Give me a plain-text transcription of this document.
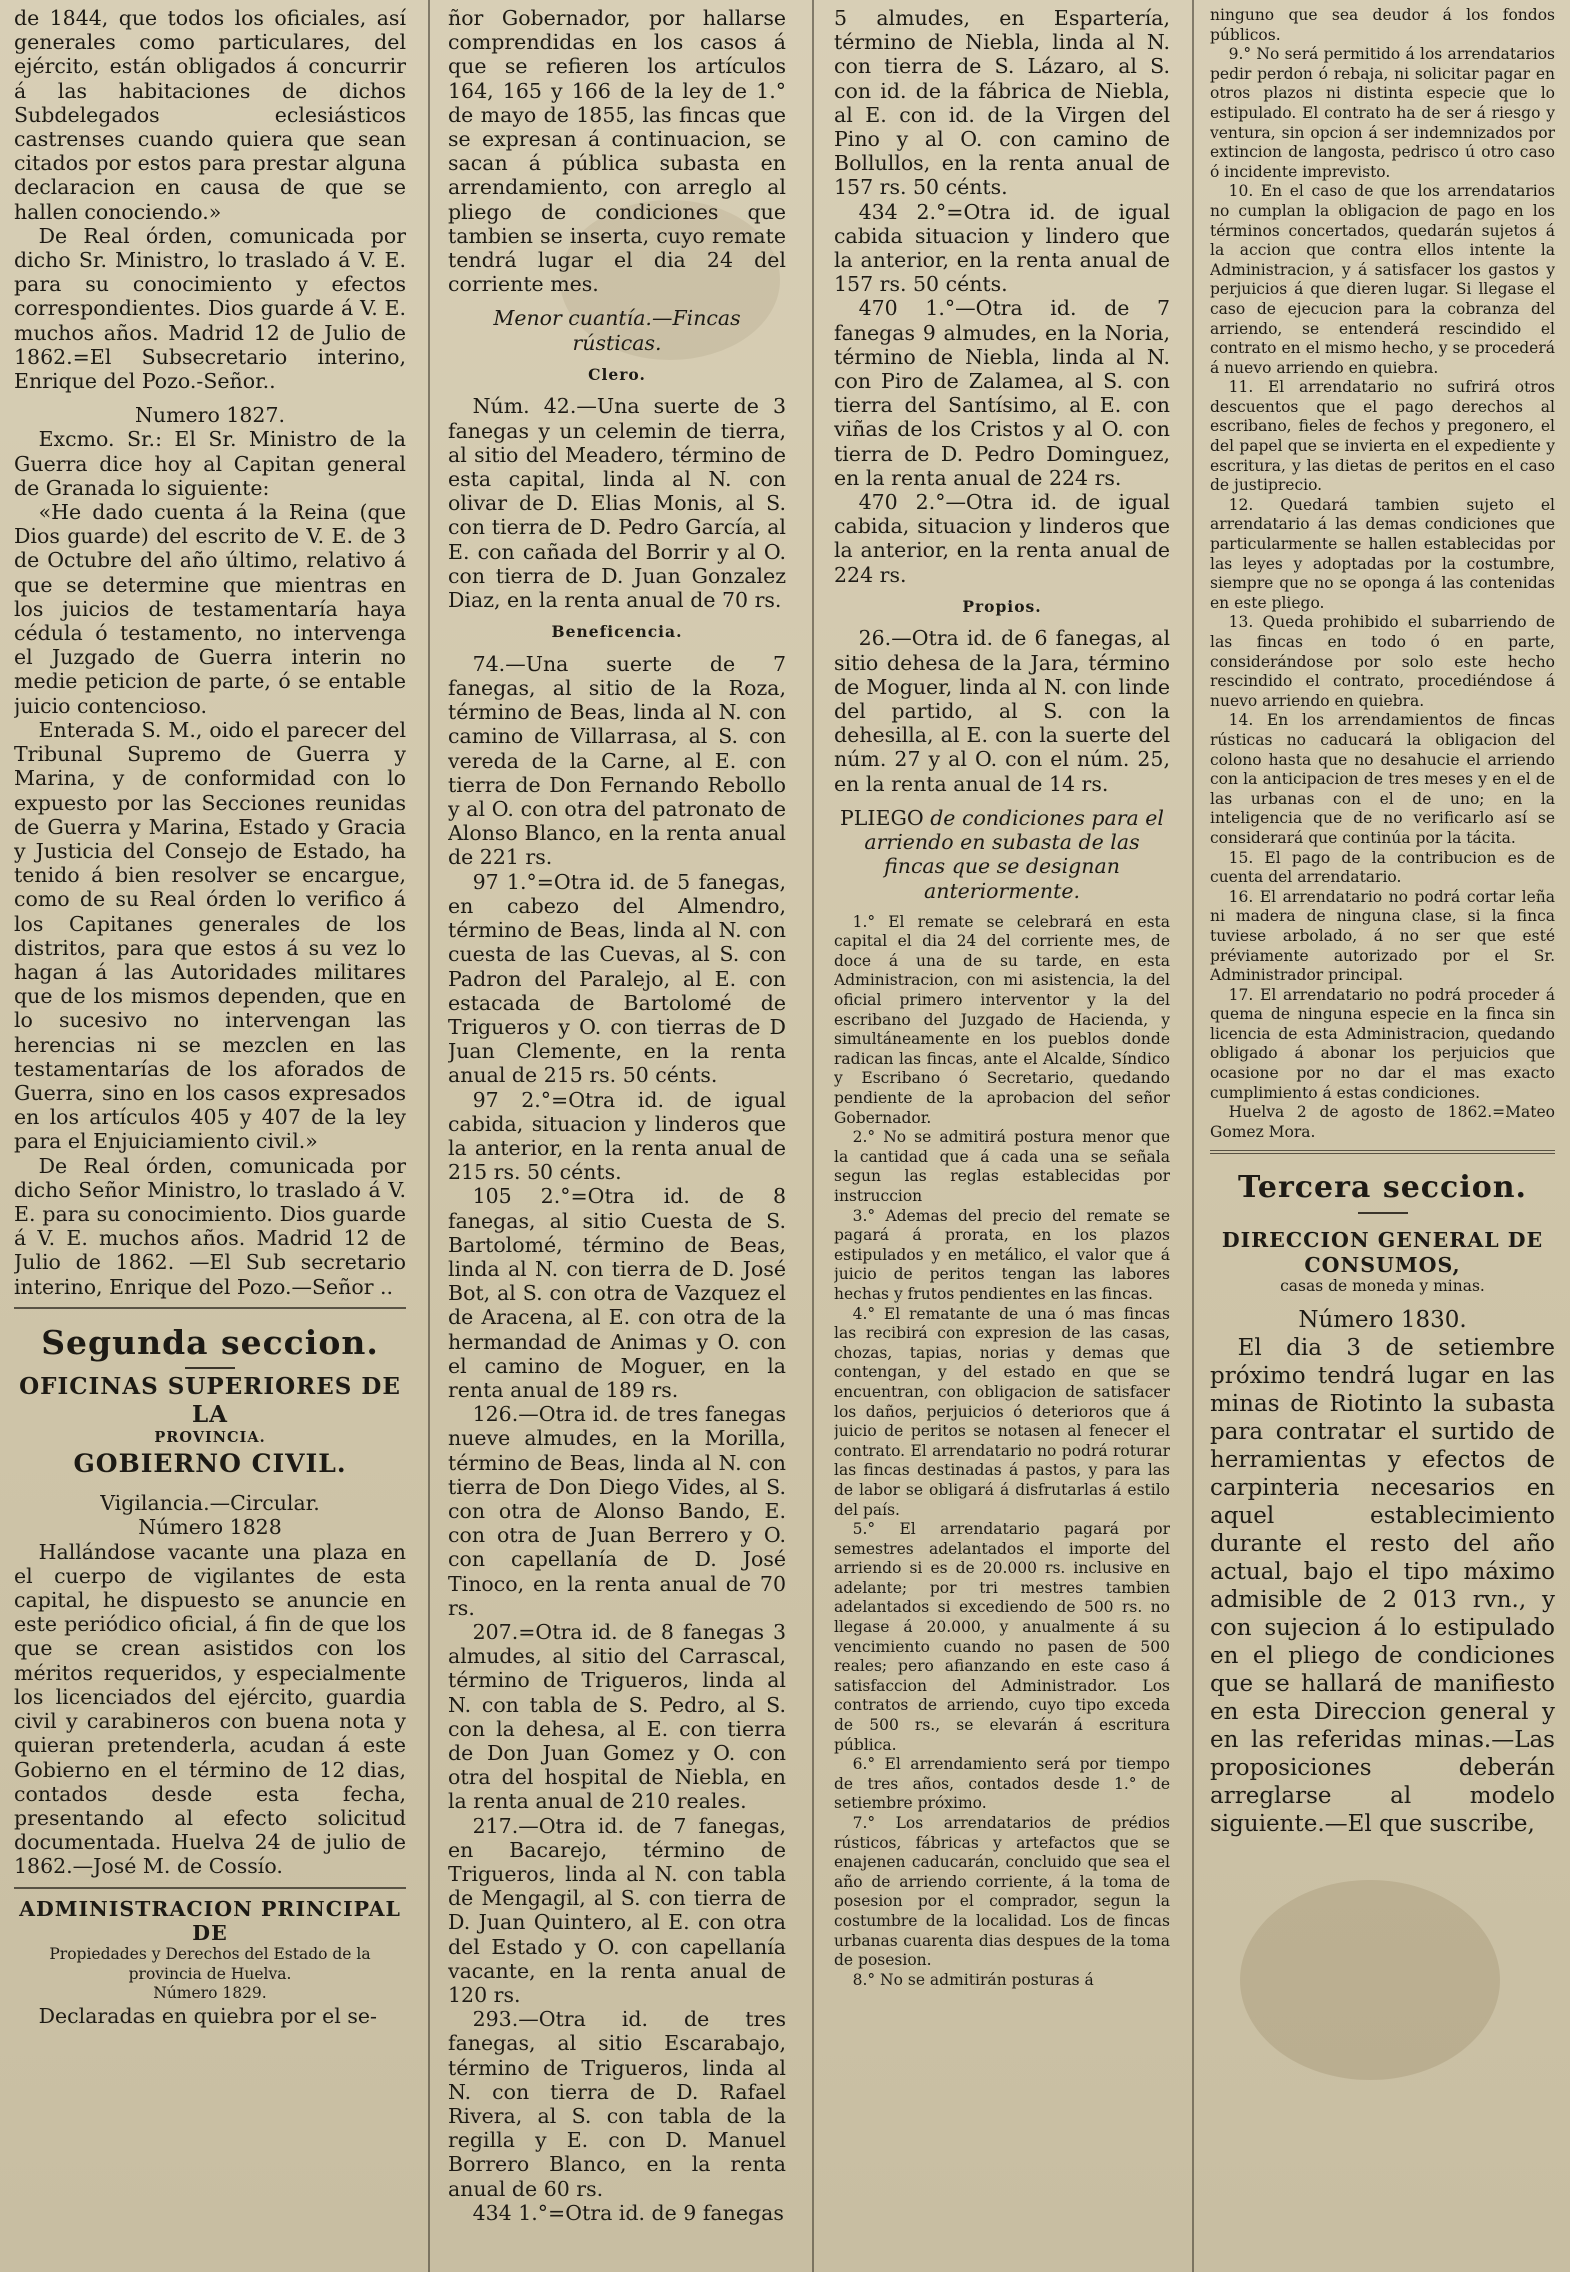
de 1844, que todos los oficiales, así generales como particulares, del ejército, están obligados á concurrir á las habitaciones de dichos Subdelegados eclesiásticos castrenses cuando quiera que sean citados por estos para prestar alguna declaracion en causa de que se hallen conociendo.»

De Real órden, comunicada por dicho Sr. Ministro, lo traslado á V. E. para su conocimiento y efectos correspondientes. Dios guarde á V. E. muchos años. Madrid 12 de Julio de 1862.=El Subsecretario interino, Enrique del Pozo.-Señor..

Numero 1827.

Excmo. Sr.: El Sr. Ministro de la Guerra dice hoy al Capitan general de Granada lo siguiente:

«He dado cuenta á la Reina (que Dios guarde) del escrito de V. E. de 3 de Octubre del año último, relativo á que se determine que mientras en los juicios de testamentaría haya cédula ó testamento, no intervenga el Juzgado de Guerra interin no medie peticion de parte, ó se entable juicio contencioso.

Enterada S. M., oido el parecer del Tribunal Supremo de Guerra y Marina, y de conformidad con lo expuesto por las Secciones reunidas de Guerra y Marina, Estado y Gracia y Justicia del Consejo de Estado, ha tenido á bien resolver se encargue, como de su Real órden lo verifico á los Capitanes generales de los distritos, para que estos á su vez lo hagan á las Autoridades militares que de los mismos dependen, que en lo sucesivo no intervengan las herencias ni se mezclen en las testamentarías de los aforados de Guerra, sino en los casos expresados en los artículos 405 y 407 de la ley para el Enjuiciamiento civil.»

De Real órden, comunicada por dicho Señor Ministro, lo traslado á V. E. para su conocimiento. Dios guarde á V. E. muchos años. Madrid 12 de Julio de 1862. —El Sub secretario interino, Enrique del Pozo.—Señor ..

Segunda seccion.

OFICINAS SUPERIORES DE LA

PROVINCIA.

GOBIERNO CIVIL.

Vigilancia.—Circular.

Número 1828

Hallándose vacante una plaza en el cuerpo de vigilantes de esta capital, he dispuesto se anuncie en este periódico oficial, á fin de que los que se crean asistidos con los méritos requeridos, y especialmente los licenciados del ejército, guardia civil y carabineros con buena nota y quieran pretenderla, acudan á este Gobierno en el término de 12 dias, contados desde esta fecha, presentando al efecto solicitud documentada. Huelva 24 de julio de 1862.—José M. de Cossío.

ADMINISTRACION PRINCIPAL DE

Propiedades y Derechos del Estado de la provincia de Huelva.

Número 1829.

Declaradas en quiebra por el se-

ñor Gobernador, por hallarse comprendidas en los casos á que se refieren los artículos 164, 165 y 166 de la ley de 1.° de mayo de 1855, las fincas que se expresan á continuacion, se sacan á pública subasta en arrendamiento, con arreglo al pliego de condiciones que tambien se inserta, cuyo remate tendrá lugar el dia 24 del corriente mes.

Menor cuantía.—Fincas rústicas.

Clero.

Núm. 42.—Una suerte de 3 fanegas y un celemin de tierra, al sitio del Meadero, término de esta capital, linda al N. con olivar de D. Elias Monis, al S. con tierra de D. Pedro García, al E. con cañada del Borrir y al O. con tierra de D. Juan Gonzalez Diaz, en la renta anual de 70 rs.

Beneficencia.

74.—Una suerte de 7 fanegas, al sitio de la Roza, término de Beas, linda al N. con camino de Villarrasa, al S. con vereda de la Carne, al E. con tierra de Don Fernando Rebollo y al O. con otra del patronato de Alonso Blanco, en la renta anual de 221 rs.

97 1.°=Otra id. de 5 fanegas, en cabezo del Almendro, término de Beas, linda al N. con cuesta de las Cuevas, al S. con Padron del Paralejo, al E. con estacada de Bartolomé de Trigueros y O. con tierras de D Juan Clemente, en la renta anual de 215 rs. 50 cénts.

97 2.°=Otra id. de igual cabida, situacion y linderos que la anterior, en la renta anual de 215 rs. 50 cénts.

105 2.°=Otra id. de 8 fanegas, al sitio Cuesta de S. Bartolomé, término de Beas, linda al N. con tierra de D. José Bot, al S. con otra de Vazquez el de Aracena, al E. con otra de la hermandad de Animas y O. con el camino de Moguer, en la renta anual de 189 rs.

126.—Otra id. de tres fanegas nueve almudes, en la Morilla, término de Beas, linda al N. con tierra de Don Diego Vides, al S. con otra de Alonso Bando, E. con otra de Juan Berrero y O. con capellanía de D. José Tinoco, en la renta anual de 70 rs.

207.=Otra id. de 8 fanegas 3 almudes, al sitio del Carrascal, término de Trigueros, linda al N. con tabla de S. Pedro, al S. con la dehesa, al E. con tierra de Don Juan Gomez y O. con otra del hospital de Niebla, en la renta anual de 210 reales.

217.—Otra id. de 7 fanegas, en Bacarejo, término de Trigueros, linda al N. con tabla de Mengagil, al S. con tierra de D. Juan Quintero, al E. con otra del Estado y O. con capellanía vacante, en la renta anual de 120 rs.

293.—Otra id. de tres fanegas, al sitio Escarabajo, término de Trigueros, linda al N. con tierra de D. Rafael Rivera, al S. con tabla de la regilla y E. con D. Manuel Borrero Blanco, en la renta anual de 60 rs.

434 1.°=Otra id. de 9 fanegas

5 almudes, en Espartería, término de Niebla, linda al N. con tierra de S. Lázaro, al S. con id. de la fábrica de Niebla, al E. con id. de la Virgen del Pino y al O. con camino de Bollullos, en la renta anual de 157 rs. 50 cénts.

434 2.°=Otra id. de igual cabida situacion y lindero que la anterior, en la renta anual de 157 rs. 50 cénts.

470 1.°—Otra id. de 7 fanegas 9 almudes, en la Noria, término de Niebla, linda al N. con Piro de Zalamea, al S. con tierra del Santísimo, al E. con viñas de los Cristos y al O. con tierra de D. Pedro Dominguez, en la renta anual de 224 rs.

470 2.°—Otra id. de igual cabida, situacion y linderos que la anterior, en la renta anual de 224 rs.

Propios.

26.—Otra id. de 6 fanegas, al sitio dehesa de la Jara, término de Moguer, linda al N. con linde del partido, al S. con la dehesilla, al E. con la suerte del núm. 27 y al O. con el núm. 25, en la renta anual de 14 rs.

PLIEGO de condiciones para el arriendo en subasta de las fincas que se designan anteriormente.

1.° El remate se celebrará en esta capital el dia 24 del corriente mes, de doce á una de su tarde, en esta Administracion, con mi asistencia, la del oficial primero interventor y la del escribano del Juzgado de Hacienda, y simultáneamente en los pueblos donde radican las fincas, ante el Alcalde, Síndico y Escribano ó Secretario, quedando pendiente de la aprobacion del señor Gobernador.

2.° No se admitirá postura menor que la cantidad que á cada una se señala segun las reglas establecidas por instruccion

3.° Ademas del precio del remate se pagará á prorata, en los plazos estipulados y en metálico, el valor que á juicio de peritos tengan las labores hechas y frutos pendientes en las fincas.

4.° El rematante de una ó mas fincas las recibirá con expresion de las casas, chozas, tapias, norias y demas que contengan, y del estado en que se encuentran, con obligacion de satisfacer los daños, perjuicios ó deterioros que á juicio de peritos se notasen al fenecer el contrato. El arrendatario no podrá roturar las fincas destinadas á pastos, y para las de labor se obligará á disfrutarlas á estilo del país.

5.° El arrendatario pagará por semestres adelantados el importe del arriendo si es de 20.000 rs. inclusive en adelante; por tri mestres tambien adelantados si excediendo de 500 rs. no llegase á 20.000, y anualmente á su vencimiento cuando no pasen de 500 reales; pero afianzando en este caso á satisfaccion del Administrador. Los contratos de arriendo, cuyo tipo exceda de 500 rs., se elevarán á escritura pública.

6.° El arrendamiento será por tiempo de tres años, contados desde 1.° de setiembre próximo.

7.° Los arrendatarios de prédios rústicos, fábricas y artefactos que se enajenen caducarán, concluido que sea el año de arriendo corriente, á la toma de posesion por el comprador, segun la costumbre de la localidad. Los de fincas urbanas cuarenta dias despues de la toma de posesion.

8.° No se admitirán posturas á

ninguno que sea deudor á los fondos públicos.

9.° No será permitido á los arrendatarios pedir perdon ó rebaja, ni solicitar pagar en otros plazos ni distinta especie que lo estipulado. El contrato ha de ser á riesgo y ventura, sin opcion á ser indemnizados por extincion de langosta, pedrisco ú otro caso ó incidente imprevisto.

10. En el caso de que los arrendatarios no cumplan la obligacion de pago en los términos concertados, quedarán sujetos á la accion que contra ellos intente la Administracion, y á satisfacer los gastos y perjuicios á que dieren lugar. Si llegase el caso de ejecucion para la cobranza del arriendo, se entenderá rescindido el contrato en el mismo hecho, y se procederá á nuevo arriendo en quiebra.

11. El arrendatario no sufrirá otros descuentos que el pago derechos al escribano, fieles de fechos y pregonero, el del papel que se invierta en el expediente y escritura, y las dietas de peritos en el caso de justiprecio.

12. Quedará tambien sujeto el arrendatario á las demas condiciones que particularmente se hallen establecidas por las leyes y adoptadas por la costumbre, siempre que no se oponga á las contenidas en este pliego.

13. Queda prohibido el subarriendo de las fincas en todo ó en parte, considerándose por solo este hecho rescindido el contrato, procediéndose á nuevo arriendo en quiebra.

14. En los arrendamientos de fincas rústicas no caducará la obligacion del colono hasta que no desahucie el arriendo con la anticipacion de tres meses y en el de las urbanas con el de uno; en la inteligencia que de no verificarlo así se considerará que continúa por la tácita.

15. El pago de la contribucion es de cuenta del arrendatario.

16. El arrendatario no podrá cortar leña ni madera de ninguna clase, si la finca tuviese arbolado, á no ser que esté préviamente autorizado por el Sr. Administrador principal.

17. El arrendatario no podrá proceder á quema de ninguna especie en la finca sin licencia de esta Administracion, quedando obligado á abonar los perjuicios que ocasione por no dar el mas exacto cumplimiento á estas condiciones.

Huelva 2 de agosto de 1862.=Mateo Gomez Mora.

Tercera seccion.

DIRECCION GENERAL DE CONSUMOS,

casas de moneda y minas.

Número 1830.

El dia 3 de setiembre próximo tendrá lugar en las minas de Riotinto la subasta para contratar el surtido de herramientas y efectos de carpinteria necesarios en aquel establecimiento durante el resto del año actual, bajo el tipo máximo admisible de 2 013 rvn., y con sujecion á lo estipulado en el pliego de condiciones que se hallará de manifiesto en esta Direccion general y en las referidas minas.—Las proposiciones deberán arreglarse al modelo siguiente.—El que suscribe,
